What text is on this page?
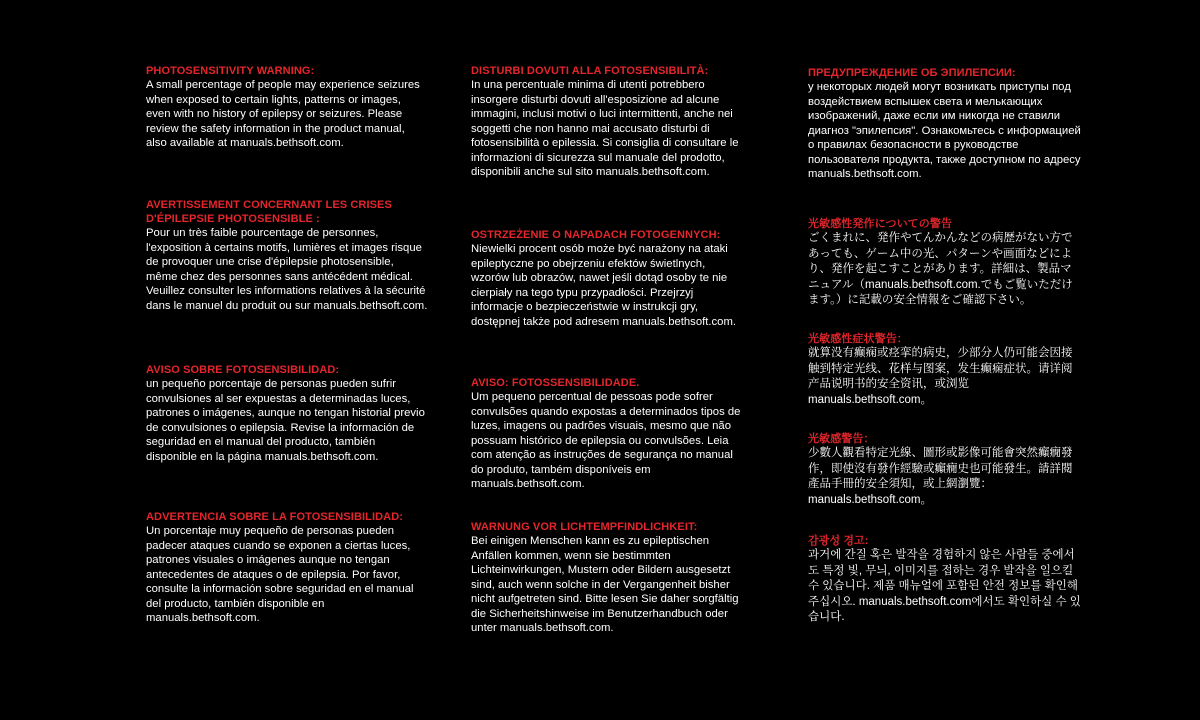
PHOTOSENSITIVITY WARNING:

A small percentage of people may experience seizures when exposed to certain lights, patterns or images, even with no history of epilepsy or seizures. Please review the safety information in the product manual, also available at manuals.bethsoft.com.

AVERTISSEMENT CONCERNANT LES CRISES D'ÉPILEPSIE PHOTOSENSIBLE :

Pour un très faible pourcentage de personnes, l'exposition à certains motifs, lumières et images risque de provoquer une crise d'épilepsie photosensible, même chez des personnes sans antécédent médical. Veuillez consulter les informations relatives à la sécurité dans le manuel du produit ou sur manuals.bethsoft.com.

AVISO SOBRE FOTOSENSIBILIDAD:

un pequeño porcentaje de personas pueden sufrir convulsiones al ser expuestas a determinadas luces, patrones o imágenes, aunque no tengan historial previo de convulsiones o epilepsia. Revise la información de seguridad en el manual del producto, también disponible en la página manuals.bethsoft.com.

ADVERTENCIA SOBRE LA FOTOSENSIBILIDAD:

Un porcentaje muy pequeño de personas pueden padecer ataques cuando se exponen a ciertas luces, patrones visuales o imágenes aunque no tengan antecedentes de ataques o de epilepsia. Por favor, consulte la información sobre seguridad en el manual del producto, también disponible en manuals.bethsoft.com.

DISTURBI DOVUTI ALLA FOTOSENSIBILITÀ:

In una percentuale minima di utenti potrebbero insorgere disturbi dovuti all'esposizione ad alcune immagini, inclusi motivi o luci intermittenti, anche nei soggetti che non hanno mai accusato disturbi di fotosensibilità o epilessia. Si consiglia di consultare le informazioni di sicurezza sul manuale del prodotto, disponibili anche sul sito manuals.bethsoft.com.

OSTRZEŻENIE O NAPADACH FOTOGENNYCH:

Niewielki procent osób może być narażony na ataki epileptyczne po obejrzeniu efektów świetlnych, wzorów lub obrazów, nawet jeśli dotąd osoby te nie cierpiały na tego typu przypadłości. Przejrzyj informacje o bezpieczeństwie w instrukcji gry, dostępnej także pod adresem manuals.bethsoft.com.

AVISO: FOTOSSENSIBILIDADE.

Um pequeno percentual de pessoas pode sofrer convulsões quando expostas a determinados tipos de luzes, imagens ou padrões visuais, mesmo que não possuam histórico de epilepsia ou convulsões. Leia com atenção as instruções de segurança no manual do produto, também disponíveis em manuals.bethsoft.com.

WARNUNG VOR LICHTEMPFINDLICHKEIT:

Bei einigen Menschen kann es zu epileptischen Anfällen kommen, wenn sie bestimmten Lichteinwirkungen, Mustern oder Bildern ausgesetzt sind, auch wenn solche in der Vergangenheit bisher nicht aufgetreten sind. Bitte lesen Sie daher sorgfältig die Sicherheitshinweise im Benutzerhandbuch oder unter manuals.bethsoft.com.

ПРЕДУПРЕЖДЕНИЕ ОБ ЭПИЛЕПСИИ:

у некоторых людей могут возникать приступы под воздействием вспышек света и мелькающих изображений, даже если им никогда не ставили диагноз "эпилепсия". Ознакомьтесь с информацией о правилах безопасности в руководстве пользователя продукта, также доступном по адресу manuals.bethsoft.com.

光敏感性発作についての警告

ごくまれに、発作やてんかんなどの病歴がない方であっても、ゲーム中の光、パターンや画面などにより、発作を起こすことがあります。詳細は、製品マニュアル（manuals.bethsoft.com.でもご覧いただけます。）に記載の安全情報をご確認下さい。

光敏感性症状警告：

就算没有癫痫或痉挛的病史，少部分人仍可能会因接触到特定光线、花样与图案，发生癫痫症状。请详阅产品说明书的安全资讯，或浏览manuals.bethsoft.com。

光敏感警告：

少數人觀看特定光線、圖形或影像可能會突然癲癇發作，即使沒有發作經驗或癲癇史也可能發生。請詳閱產品手冊的安全須知，或上網瀏覽：manuals.bethsoft.com。

감광성 경고:

과거에 간질 혹은 발작을 경험하지 않은 사람들 중에서도 특정 빛, 무늬, 이미지를 접하는 경우 발작을 일으킬 수 있습니다. 제품 매뉴얼에 포함된 안전 정보를 확인해 주십시오. manuals.bethsoft.com에서도 확인하실 수 있습니다.
